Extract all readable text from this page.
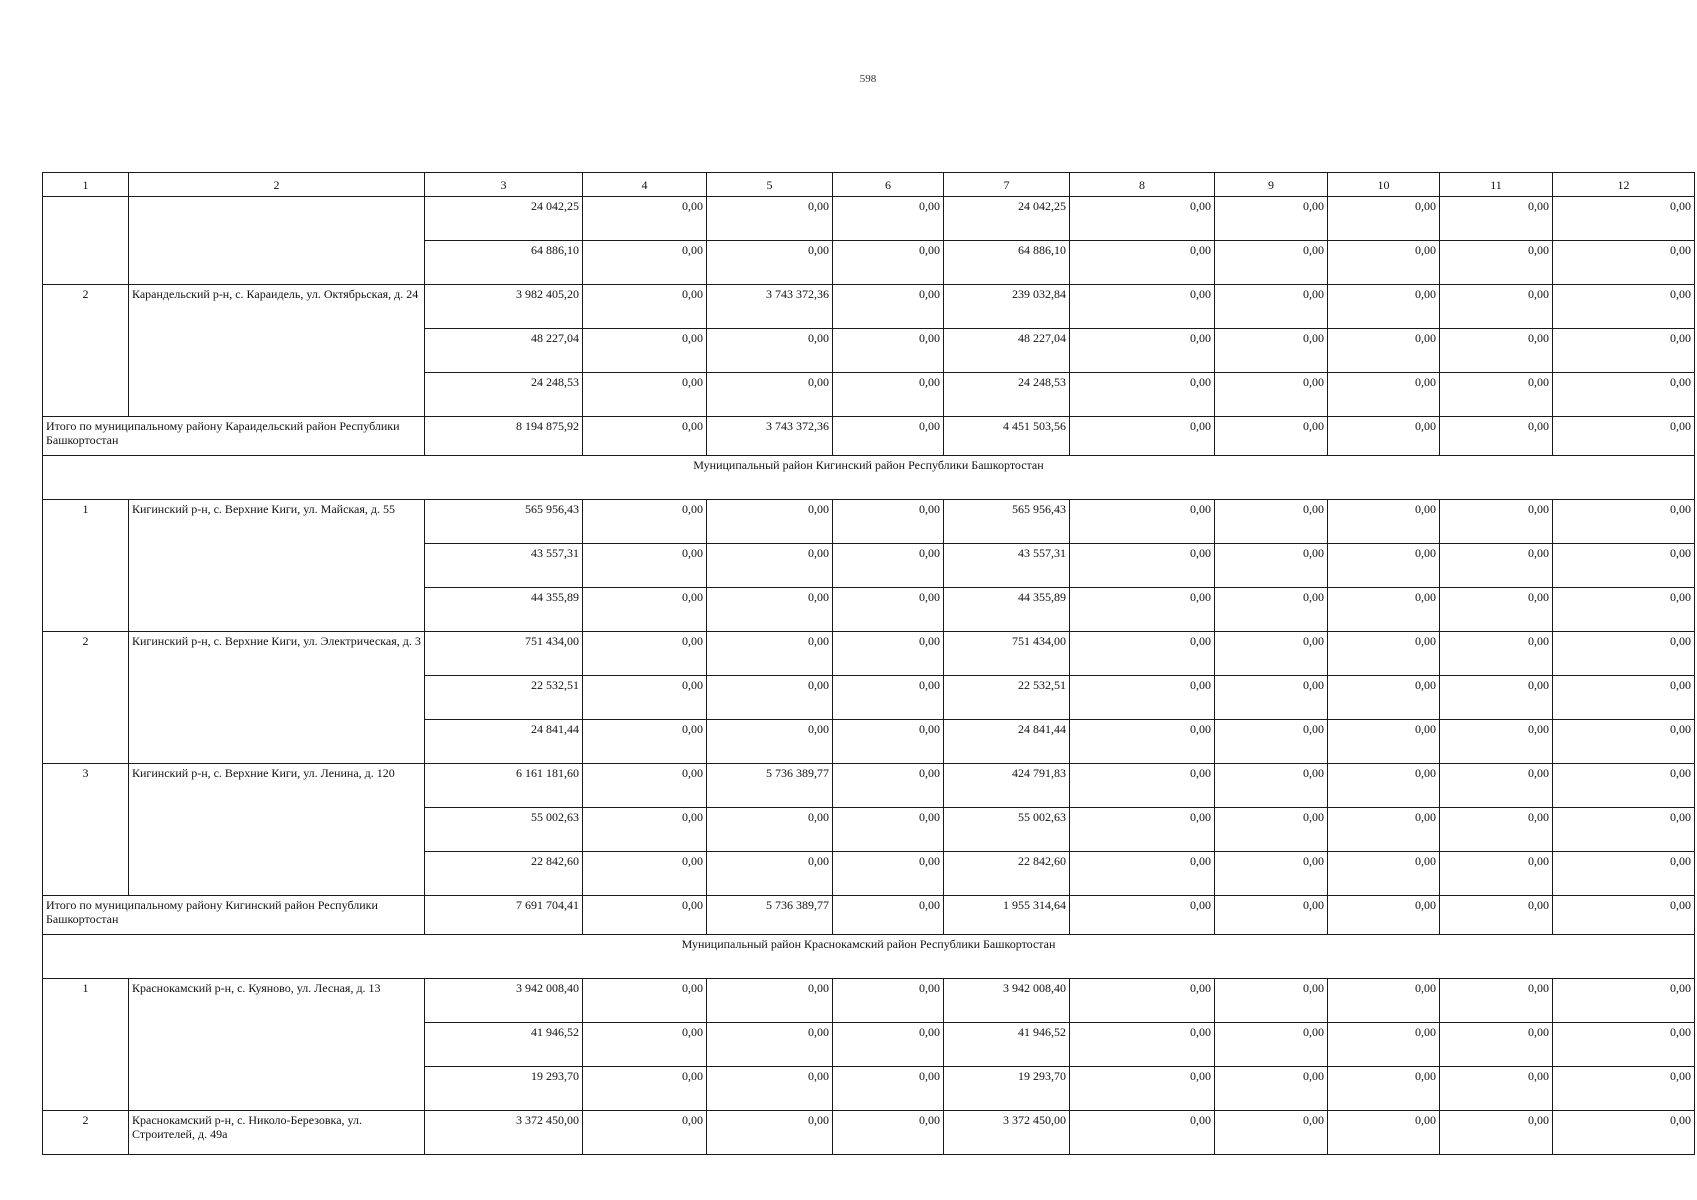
598
1	2	3	4	5	6	7	8	9	10	11	12
		24 042,25	0,00	0,00	0,00	24 042,25	0,00	0,00	0,00	0,00	0,00
		64 886,10	0,00	0,00	0,00	64 886,10	0,00	0,00	0,00	0,00	0,00
2	Карандельский р-н, с. Караидель, ул. Октябрьская, д. 24	3 982 405,20	0,00	3 743 372,36	0,00	239 032,84	0,00	0,00	0,00	0,00	0,00
		48 227,04	0,00	0,00	0,00	48 227,04	0,00	0,00	0,00	0,00	0,00
		24 248,53	0,00	0,00	0,00	24 248,53	0,00	0,00	0,00	0,00	0,00
Итого по муниципальному району Караидельский район Республики Башкортостан		8 194 875,92	0,00	3 743 372,36	0,00	4 451 503,56	0,00	0,00	0,00	0,00	0,00
Муниципальный район Кигинский район Республики Башкортостан											
1	Кигинский р-н, с. Верхние Киги, ул. Майская, д. 55	565 956,43	0,00	0,00	0,00	565 956,43	0,00	0,00	0,00	0,00	0,00
		43 557,31	0,00	0,00	0,00	43 557,31	0,00	0,00	0,00	0,00	0,00
		44 355,89	0,00	0,00	0,00	44 355,89	0,00	0,00	0,00	0,00	0,00
2	Кигинский р-н, с. Верхние Киги, ул. Электрическая, д. 3	751 434,00	0,00	0,00	0,00	751 434,00	0,00	0,00	0,00	0,00	0,00
		22 532,51	0,00	0,00	0,00	22 532,51	0,00	0,00	0,00	0,00	0,00
		24 841,44	0,00	0,00	0,00	24 841,44	0,00	0,00	0,00	0,00	0,00
3	Кигинский р-н, с. Верхние Киги, ул. Ленина, д. 120	6 161 181,60	0,00	5 736 389,77	0,00	424 791,83	0,00	0,00	0,00	0,00	0,00
		55 002,63	0,00	0,00	0,00	55 002,63	0,00	0,00	0,00	0,00	0,00
		22 842,60	0,00	0,00	0,00	22 842,60	0,00	0,00	0,00	0,00	0,00
Итого по муниципальному району Кигинский район Республики Башкортостан		7 691 704,41	0,00	5 736 389,77	0,00	1 955 314,64	0,00	0,00	0,00	0,00	0,00
Муниципальный район Краснокамский район Республики Башкортостан											
1	Краснокамский р-н, с. Куяново, ул. Лесная, д. 13	3 942 008,40	0,00	0,00	0,00	3 942 008,40	0,00	0,00	0,00	0,00	0,00
		41 946,52	0,00	0,00	0,00	41 946,52	0,00	0,00	0,00	0,00	0,00
		19 293,70	0,00	0,00	0,00	19 293,70	0,00	0,00	0,00	0,00	0,00
2	Краснокамский р-н, с. Николо-Березовка, ул. Строителей, д. 49а	3 372 450,00	0,00	0,00	0,00	3 372 450,00	0,00	0,00	0,00	0,00	0,00
